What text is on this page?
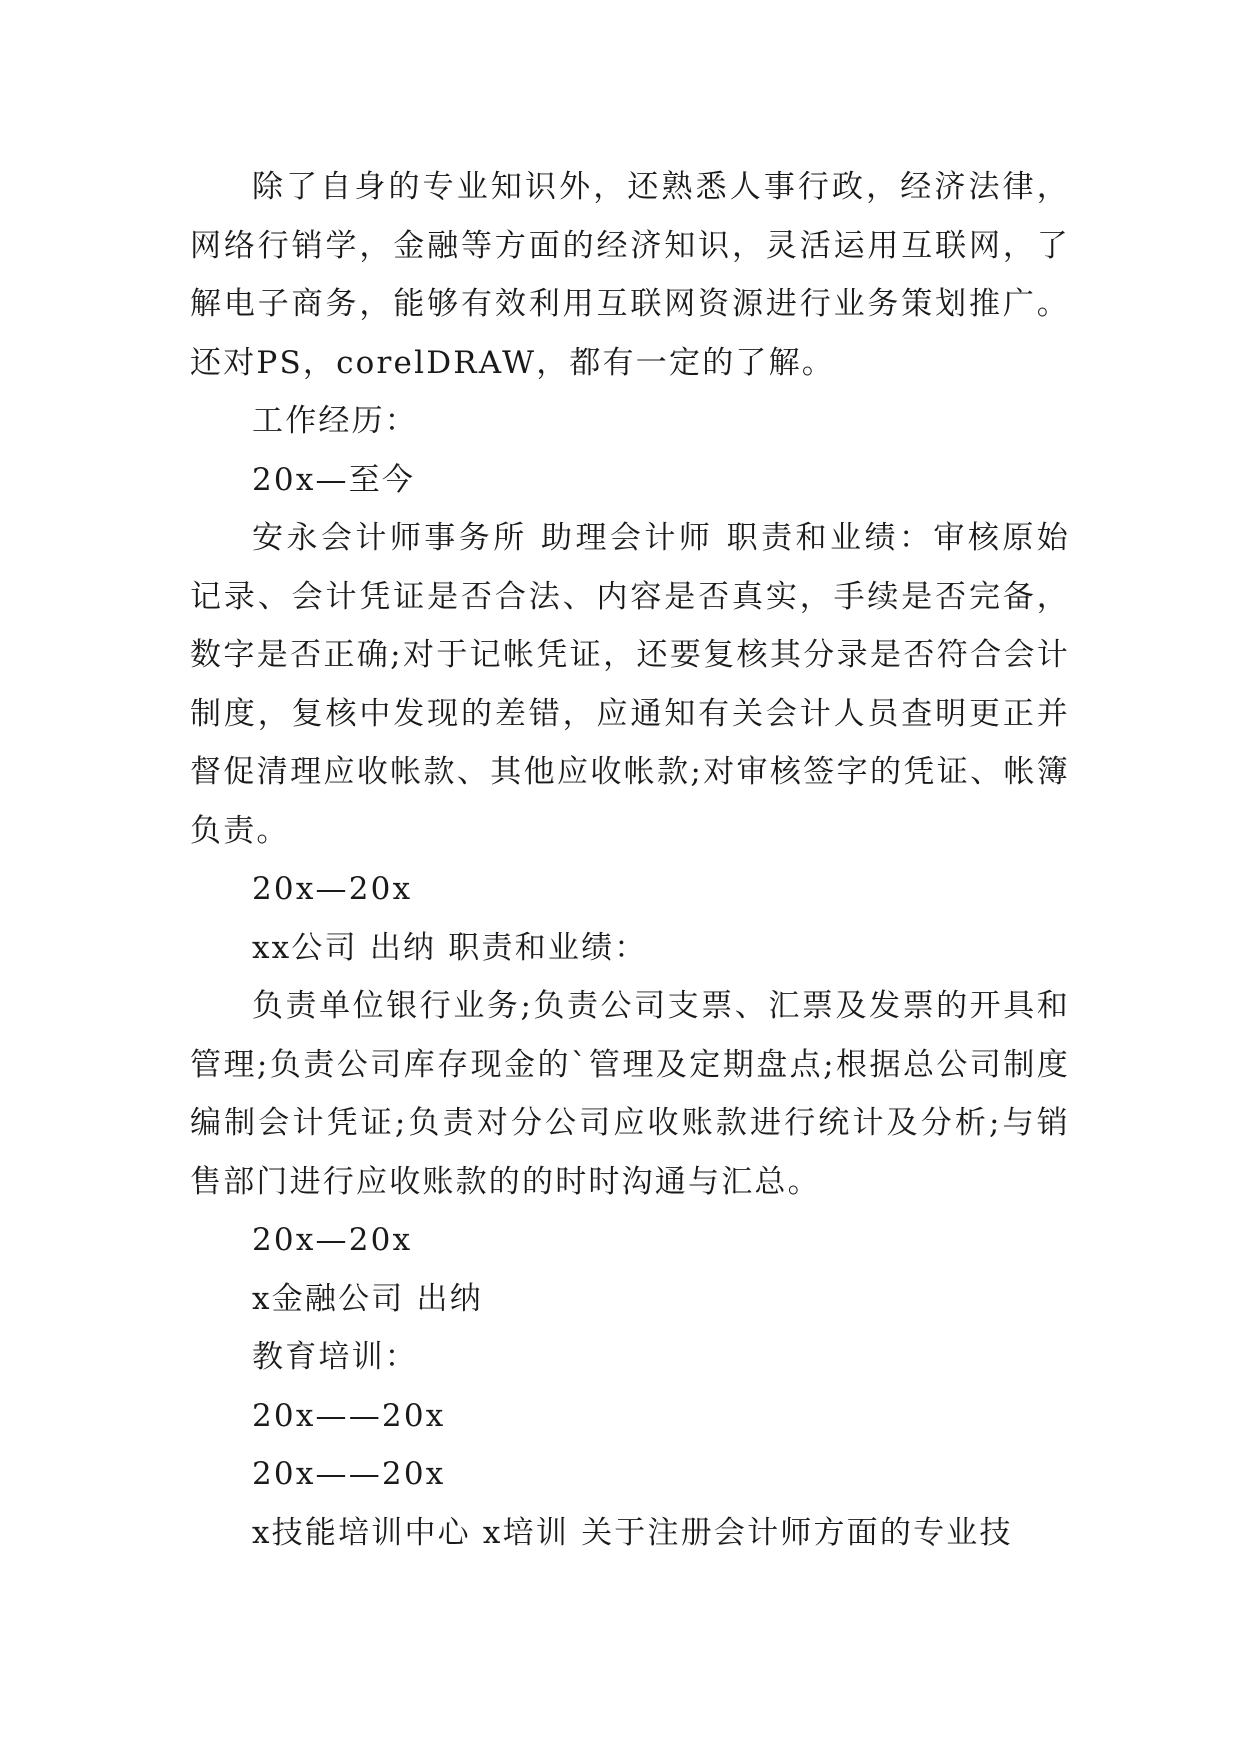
除了自身的专业知识外，还熟悉人事行政，经济法律，网络行销学，金融等方面的经济知识，灵活运用互联网，了解电子商务，能够有效利用互联网资源进行业务策划推广。还对PS，corelDRAW，都有一定的了解。

工作经历：

20x—至今

安永会计师事务所 助理会计师 职责和业绩：审核原始记录、会计凭证是否合法、内容是否真实，手续是否完备，数字是否正确;对于记帐凭证，还要复核其分录是否符合会计制度，复核中发现的差错，应通知有关会计人员查明更正并督促清理应收帐款、其他应收帐款;对审核签字的凭证、帐簿负责。

20x—20x

xx公司 出纳 职责和业绩：

负责单位银行业务;负责公司支票、汇票及发票的开具和管理;负责公司库存现金的`管理及定期盘点;根据总公司制度编制会计凭证;负责对分公司应收账款进行统计及分析;与销售部门进行应收账款的的时时沟通与汇总。

20x—20x

x金融公司 出纳

教育培训：

20x——20x

20x——20x

x技能培训中心 x培训 关于注册会计师方面的专业技
